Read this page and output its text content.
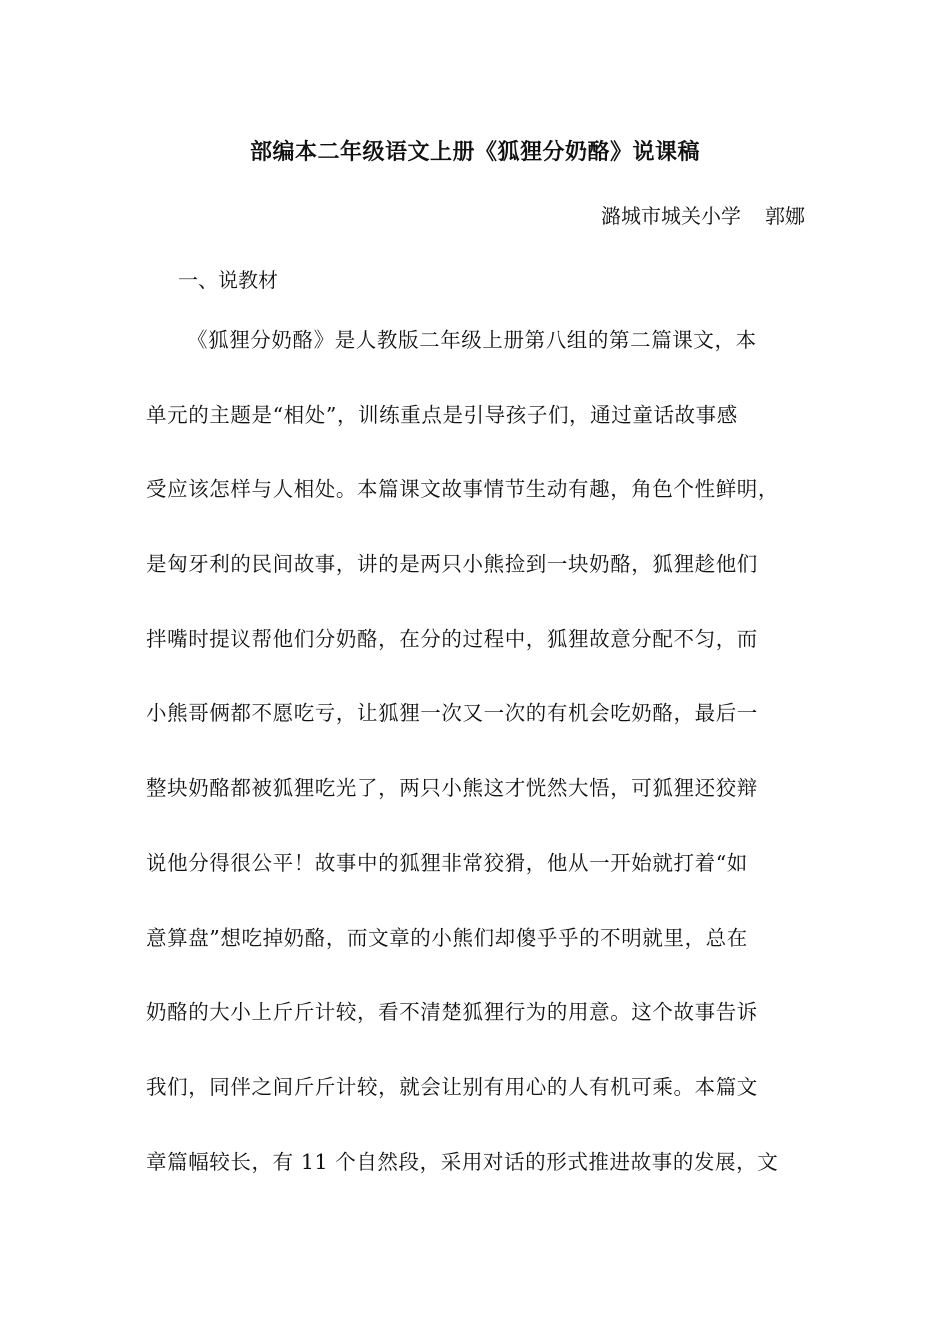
部编本二年级语文上册《狐狸分奶酪》说课稿
潞城市城关小学 郭娜
一、说教材
《狐狸分奶酪》是人教版二年级上册第八组的第二篇课文，本
单元的主题是“相处”，训练重点是引导孩子们，通过童话故事感
受应该怎样与人相处。本篇课文故事情节生动有趣，角色个性鲜明，
是匈牙利的民间故事，讲的是两只小熊捡到一块奶酪，狐狸趁他们
拌嘴时提议帮他们分奶酪，在分的过程中，狐狸故意分配不匀，而
小熊哥俩都不愿吃亏，让狐狸一次又一次的有机会吃奶酪，最后一
整块奶酪都被狐狸吃光了，两只小熊这才恍然大悟，可狐狸还狡辩
说他分得很公平！故事中的狐狸非常狡猾，他从一开始就打着“如
意算盘”想吃掉奶酪，而文章的小熊们却傻乎乎的不明就里，总在
奶酪的大小上斤斤计较，看不清楚狐狸行为的用意。这个故事告诉
我们，同伴之间斤斤计较，就会让别有用心的人有机可乘。本篇文
章篇幅较长，有 11 个自然段，采用对话的形式推进故事的发展，文
